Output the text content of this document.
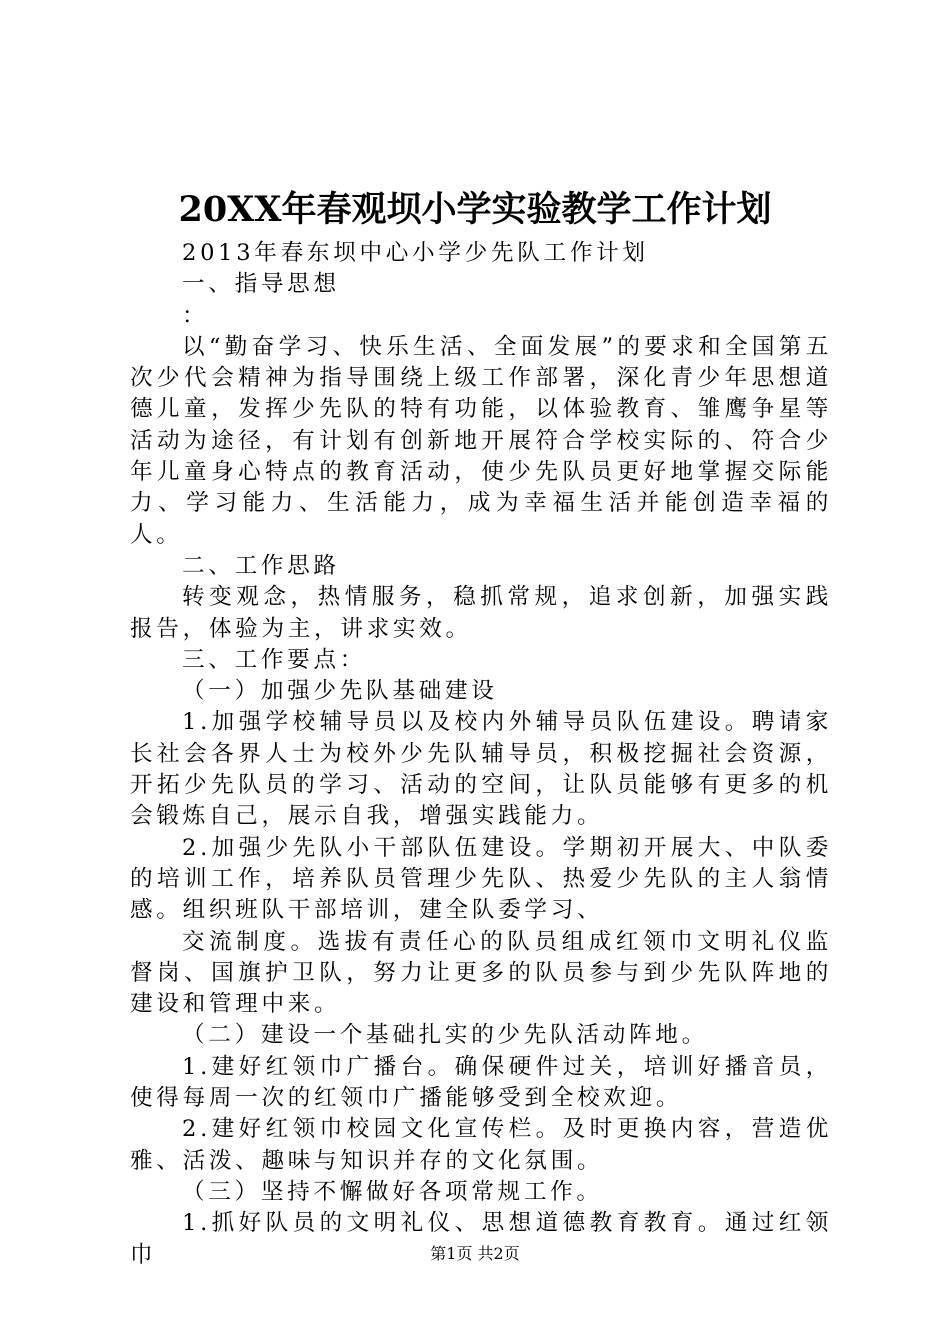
20XX年春观坝小学实验教学工作计划

2013年春东坝中心小学少先队工作计划

一、指导思想

：

以“勤奋学习、快乐生活、全面发展”的要求和全国第五次少代会精神为指导围绕上级工作部署，深化青少年思想道德儿童，发挥少先队的特有功能，以体验教育、雏鹰争星等活动为途径，有计划有创新地开展符合学校实际的、符合少年儿童身心特点的教育活动，使少先队员更好地掌握交际能力、学习能力、生活能力，成为幸福生活并能创造幸福的人。

二、工作思路

转变观念，热情服务，稳抓常规，追求创新，加强实践报告，体验为主，讲求实效。

三、工作要点：

（一）加强少先队基础建设

1.加强学校辅导员以及校内外辅导员队伍建设。聘请家长社会各界人士为校外少先队辅导员，积极挖掘社会资源，开拓少先队员的学习、活动的空间，让队员能够有更多的机会锻炼自己，展示自我，增强实践能力。

2.加强少先队小干部队伍建设。学期初开展大、中队委的培训工作，培养队员管理少先队、热爱少先队的主人翁情感。组织班队干部培训，建全队委学习、

交流制度。选拔有责任心的队员组成红领巾文明礼仪监督岗、国旗护卫队，努力让更多的队员参与到少先队阵地的建设和管理中来。

（二）建设一个基础扎实的少先队活动阵地。

1.建好红领巾广播台。确保硬件过关，培训好播音员，使得每周一次的红领巾广播能够受到全校欢迎。

2.建好红领巾校园文化宣传栏。及时更换内容，营造优雅、活泼、趣味与知识并存的文化氛围。

（三）坚持不懈做好各项常规工作。

1.抓好队员的文明礼仪、思想道德教育教育。通过红领巾	第1页 共2页
